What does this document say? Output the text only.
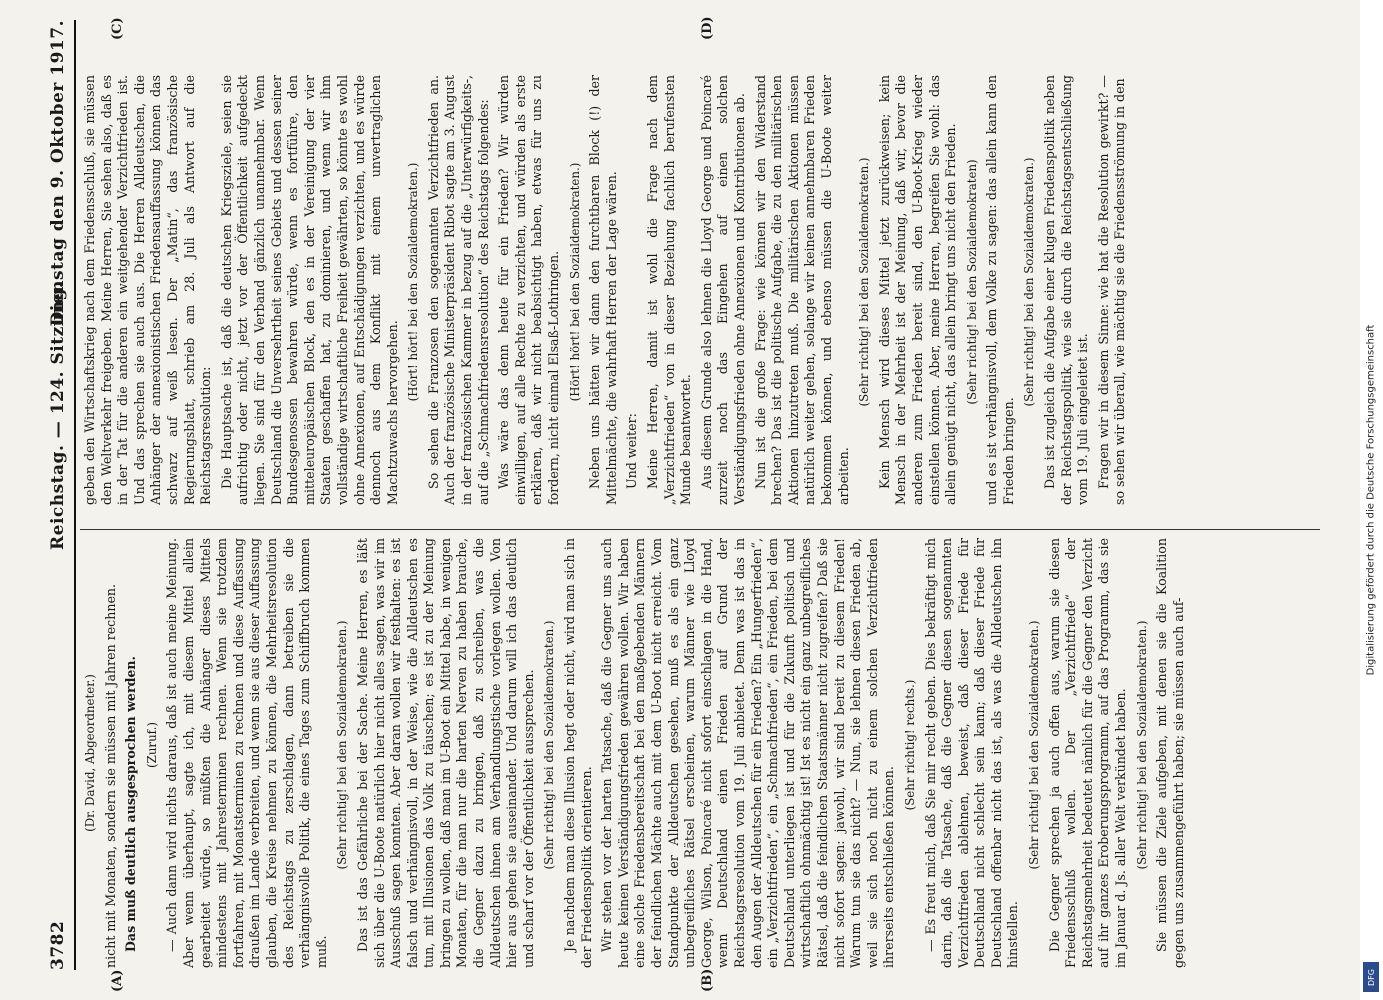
3782
Reichstag. — 124. Sitzung.
Dienstag den 9. Oktober 1917.
(A)	(B)
(C)	(D)

(Dr. David, Abgeordneter.) nicht mit Monaten, sondern sie müssen mit Jahren rechnen. Das muß deutlich ausgesprochen werden. (Zuruf.) — Auch dann wird nichts daraus, daß ist auch meine Meinung. Aber wenn überhaupt, sagte ich, mit diesem Mittel allein gearbeitet würde, so müßten die Anhänger dieses Mittels mindestens mit Jahresterminen rechnen. Wenn sie trotzdem fortfahren, mit Monatsterminen zu rechnen und diese Auffassung draußen im Lande verbreiten, und wenn sie aus dieser Auffassung glauben, die Kreise nehmen zu können, die Mehrheitsresolution des Reichstags zu zerschlagen, dann betreiben sie die verhängnisvolle Politik, die eines Tages zum Schiffbruch kommen muß.

(Sehr richtig! bei den Sozialdemokraten.) Das ist das Gefährliche bei der Sache. Meine Herren, es läßt sich über die U-Boote natürlich hier nicht alles sagen, was wir im Ausschuß sagen konnten. Aber daran wollen wir festhalten: es ist falsch und verhängnisvoll, in der Weise, wie die Alldeutschen es tun, mit Illusionen das Volk zu täuschen; es ist zu der Meinung bringen zu wollen, daß man im U-Boot ein Mittel habe, in wenigen Monaten, für die man nur die harten Nerven zu haben brauche, die Gegner dazu zu bringen, daß zu schreiben, was die Alldeutschen ihnen am Verhandlungstische vorlegen wollen. Von hier aus gehen sie auseinander. Und darum will ich das deutlich und scharf vor der Öffentlichkeit aussprechen. (Sehr richtig! bei den Sozialdemokraten.) Je nachdem man diese Illusion hegt oder nicht, wird man sich in der Friedenspolitik orientieren. Wir stehen vor der harten Tatsache, daß die Gegner uns auch heute keinen Verständigungsfrieden gewähren wollen. Wir haben eine solche Friedensbereitschaft bei den maßgebenden Männern der feindlichen Mächte auch mit dem U-Boot nicht erreicht. Vom Standpunkte der Alldeutschen gesehen, muß es als ein ganz unbegreifliches Rätsel erscheinen, warum Männer wie Lloyd George, Wilson, Poincaré nicht sofort einschlagen in die Hand, wenn Deutschland einen Frieden auf Grund der Reichstagsresolution vom 19. Juli anbietet. Denn was ist das in den Augen der Alldeutschen für ein Frieden? Ein „Hungerfrieden“, ein „Verzichtfrieden“, ein „Schmachfrieden“, ein Frieden, bei dem Deutschland unterliegen ist und für die Zukunft politisch und wirtschaftlich ohnmächtig ist! Ist es nicht ein ganz unbegreifliches Rätsel, daß die feindlichen Staatsmänner nicht zugreifen? Daß sie nicht sofort sagen: jawohl, wir sind bereit zu diesem Frieden! Warum tun sie das nicht? — Nun, sie lehnen diesen Frieden ab, weil sie sich noch nicht zu einem solchen Verzichtfrieden ihrerseits entschließen können.

(Sehr richtig! rechts.) — Es freut mich, daß Sie mir recht geben. Dies bekräftigt mich darin, daß die Tatsache, daß die Gegner diesen sogenannten Verzichtfrieden ablehnen, beweist, daß dieser Friede für Deutschland nicht schlecht sein kann; daß dieser Friede für Deutschland offenbar nicht das ist, als was die Alldeutschen ihn hinstellen.

(Sehr richtig! bei den Sozialdemokraten.) Die Gegner sprechen ja auch offen aus, warum sie diesen Friedensschluß wollen. Der „Verzichtfriede“ der Reichstagsmehrheit bedeutet nämlich für die Gegner den Verzicht auf ihr ganzes Eroberungsprogramm, auf das Programm, das sie im Januar d. Js. aller Welt verkündet haben. (Sehr richtig! bei den Sozialdemokraten.) Sie müssen die Ziele aufgeben, mit denen sie die Koalition gegen uns zusammengeführt haben; sie müssen auch auf-

geben den Wirtschaftskrieg nach dem Friedensschluß, sie müssen den Weltverkehr freigeben. Meine Herren, Sie sehen also, daß es in der Tat für die anderen ein weitgehender Verzichtfrieden ist. Und das sprechen sie auch aus. Die Herren Alldeutschen, die Anhänger der annexionistischen Friedensauffassung können das schwarz auf weiß lesen. Der „Matin“, das französische Regierungsblatt, schrieb am 28. Juli als Antwort auf die Reichstagsresolution: Die Hauptsache ist, daß die deutschen Kriegsziele, seien sie aufrichtig oder nicht, jetzt vor der Öffentlichkeit aufgedeckt liegen. Sie sind für den Verband gänzlich unannehmbar. Wenn Deutschland die Unversehrtheit seines Gebiets und dessen seiner Bundesgenossen bewahren würde, wenn es fortführe, den mitteleuropäischen Block, den es in der Vereinigung der vier Staaten geschaffen hat, zu dominieren, und wenn wir ihm vollständige wirtschaftliche Freiheit gewährten, so könnte es wohl ohne Annexionen, auf Entschädigungen verzichten, und es würde dennoch aus dem Konflikt mit einem unvertraglichen Machtzuwachs hervorgehen.

(Hört! hört! bei den Sozialdemokraten.) So sehen die Franzosen den sogenannten Verzichtfrieden an. Auch der französische Ministerpräsident Ribot sagte am 3. August in der französischen Kammer in bezug auf die „Unterwürfigkeits-, auf die „Schmachfriedensresolution“ des Reichstags folgendes: Was wäre das denn heute für ein Frieden? Wir würden einwilligen, auf alle Rechte zu verzichten, und würden als erste erklären, daß wir nicht beabsichtigt haben, etwas für uns zu fordern, nicht einmal Elsaß-Lothringen. (Hört! hört! bei den Sozialdemokraten.) Neben uns hätten wir dann den furchtbaren Block (!) der Mittelmächte, die wahrhaft Herren der Lage wären. Und weiter: Meine Herren, damit ist wohl die Frage nach dem „Verzichtfrieden“ von in dieser Beziehung fachlich berufensten Munde beantwortet. Aus diesem Grunde also lehnen die Lloyd George und Poincaré zurzeit noch das Eingehen auf einen solchen Verständigungsfrieden ohne Annexionen und Kontributionen ab. Nun ist die große Frage: wie können wir den Widerstand brechen? Das ist die politische Aufgabe, die zu den militärischen Aktionen hinzutreten muß. Die militärischen Aktionen müssen natürlich weiter gehen, solange wir keinen annehmbaren Frieden bekommen können, und ebenso müssen die U-Boote weiter arbeiten.

(Sehr richtig! bei den Sozialdemokraten.) Kein Mensch wird dieses Mittel jetzt zurückweisen; kein Mensch in der Mehrheit ist der Meinung, daß wir, bevor die anderen zum Frieden bereit sind, den U-Boot-Krieg wieder einstellen können. Aber, meine Herren, begreifen Sie wohl: das allein genügt nicht, das allein bringt uns nicht den Frieden. (Sehr richtig! bei den Sozialdemokraten) und es ist verhängnisvoll, dem Volke zu sagen: das allein kann den Frieden bringen.

(Sehr richtig! bei den Sozialdemokraten.) Das ist zugleich die Aufgabe einer klugen Friedenspolitik neben der Reichstagspolitik, wie sie durch die Reichstagsentschließung vom 19. Juli eingeleitet ist. Fragen wir in diesem Sinne: wie hat die Resolution gewirkt? — so sehen wir überall, wie mächtig sie die Friedensströmung in den	Digitalisierung gefördert durch die Deutsche Forschungsgemeinschaft
DFG
